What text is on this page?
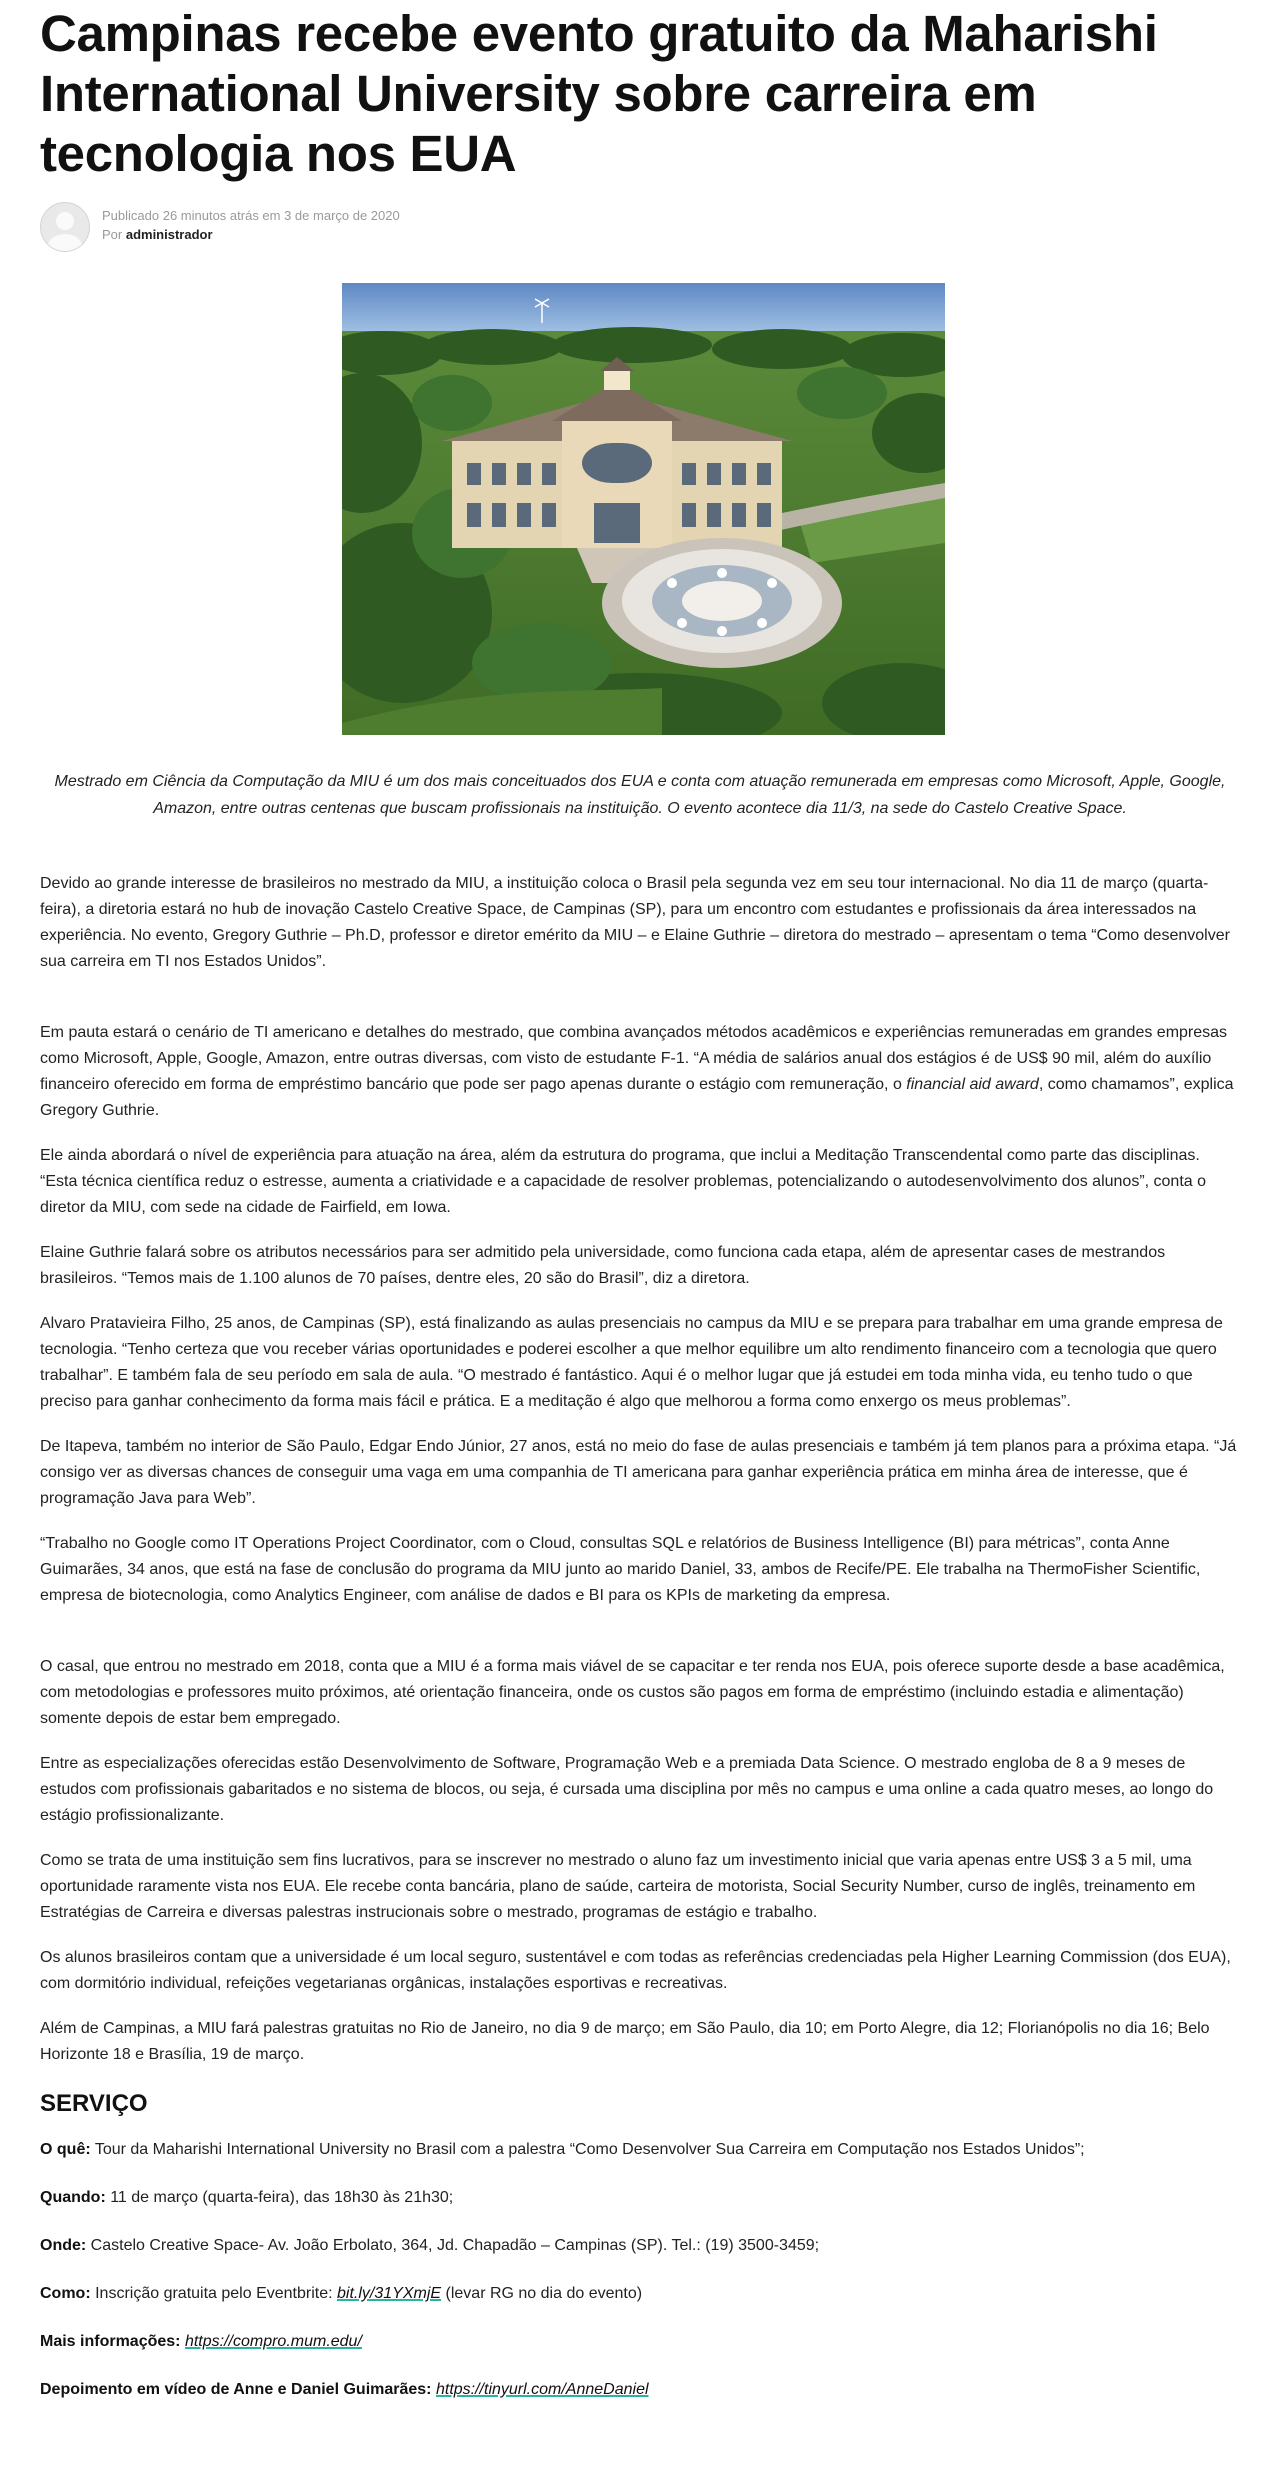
Campinas recebe evento gratuito da Maharishi International University sobre carreira em tecnologia nos EUA
Publicado 26 minutos atrás em 3 de março de 2020
Por administrador
Mestrado em Ciência da Computação da MIU é um dos mais conceituados dos EUA e conta com atuação remunerada em empresas como Microsoft, Apple, Google, Amazon, entre outras centenas que buscam profissionais na instituição. O evento acontece dia 11/3, na sede do Castelo Creative Space.

Devido ao grande interesse de brasileiros no mestrado da MIU, a instituição coloca o Brasil pela segunda vez em seu tour internacional. No dia 11 de março (quarta-feira), a diretoria estará no hub de inovação Castelo Creative Space, de Campinas (SP), para um encontro com estudantes e profissionais da área interessados na experiência. No evento, Gregory Guthrie – Ph.D, professor e diretor emérito da MIU – e Elaine Guthrie – diretora do mestrado – apresentam o tema “Como desenvolver sua carreira em TI nos Estados Unidos”.

Em pauta estará o cenário de TI americano e detalhes do mestrado, que combina avançados métodos acadêmicos e experiências remuneradas em grandes empresas como Microsoft, Apple, Google, Amazon, entre outras diversas, com visto de estudante F-1. “A média de salários anual dos estágios é de US$ 90 mil, além do auxílio financeiro oferecido em forma de empréstimo bancário que pode ser pago apenas durante o estágio com remuneração, o financial aid award, como chamamos”, explica Gregory Guthrie.

Ele ainda abordará o nível de experiência para atuação na área, além da estrutura do programa, que inclui a Meditação Transcendental como parte das disciplinas. “Esta técnica científica reduz o estresse, aumenta a criatividade e a capacidade de resolver problemas, potencializando o autodesenvolvimento dos alunos”, conta o diretor da MIU, com sede na cidade de Fairfield, em Iowa.

Elaine Guthrie falará sobre os atributos necessários para ser admitido pela universidade, como funciona cada etapa, além de apresentar cases de mestrandos brasileiros. “Temos mais de 1.100 alunos de 70 países, dentre eles, 20 são do Brasil”, diz a diretora.

Alvaro Pratavieira Filho, 25 anos, de Campinas (SP), está finalizando as aulas presenciais no campus da MIU e se prepara para trabalhar em uma grande empresa de tecnologia. “Tenho certeza que vou receber várias oportunidades e poderei escolher a que melhor equilibre um alto rendimento financeiro com a tecnologia que quero trabalhar”. E também fala de seu período em sala de aula. “O mestrado é fantástico. Aqui é o melhor lugar que já estudei em toda minha vida, eu tenho tudo o que preciso para ganhar conhecimento da forma mais fácil e prática. E a meditação é algo que melhorou a forma como enxergo os meus problemas”.

De Itapeva, também no interior de São Paulo, Edgar Endo Júnior, 27 anos, está no meio do fase de aulas presenciais e também já tem planos para a próxima etapa. “Já consigo ver as diversas chances de conseguir uma vaga em uma companhia de TI americana para ganhar experiência prática em minha área de interesse, que é programação Java para Web”.

“Trabalho no Google como IT Operations Project Coordinator, com o Cloud, consultas SQL e relatórios de Business Intelligence (BI) para métricas”, conta Anne Guimarães, 34 anos, que está na fase de conclusão do programa da MIU junto ao marido Daniel, 33, ambos de Recife/PE. Ele trabalha na ThermoFisher Scientific, empresa de biotecnologia, como Analytics Engineer, com análise de dados e BI para os KPIs de marketing da empresa.

O casal, que entrou no mestrado em 2018, conta que a MIU é a forma mais viável de se capacitar e ter renda nos EUA, pois oferece suporte desde a base acadêmica, com metodologias e professores muito próximos, até orientação financeira, onde os custos são pagos em forma de empréstimo (incluindo estadia e alimentação) somente depois de estar bem empregado.

Entre as especializações oferecidas estão Desenvolvimento de Software, Programação Web e a premiada Data Science. O mestrado engloba de 8 a 9 meses de estudos com profissionais gabaritados e no sistema de blocos, ou seja, é cursada uma disciplina por mês no campus e uma online a cada quatro meses, ao longo do estágio profissionalizante.

Como se trata de uma instituição sem fins lucrativos, para se inscrever no mestrado o aluno faz um investimento inicial que varia apenas entre US$ 3 a 5 mil, uma oportunidade raramente vista nos EUA. Ele recebe conta bancária, plano de saúde, carteira de motorista, Social Security Number, curso de inglês, treinamento em Estratégias de Carreira e diversas palestras instrucionais sobre o mestrado, programas de estágio e trabalho.

Os alunos brasileiros contam que a universidade é um local seguro, sustentável e com todas as referências credenciadas pela Higher Learning Commission (dos EUA), com dormitório individual, refeições vegetarianas orgânicas, instalações esportivas e recreativas.

Além de Campinas, a MIU fará palestras gratuitas no Rio de Janeiro, no dia 9 de março; em São Paulo, dia 10; em Porto Alegre, dia 12; Florianópolis no dia 16; Belo Horizonte 18 e Brasília, 19 de março.

SERVIÇO

O quê: Tour da Maharishi International University no Brasil com a palestra “Como Desenvolver Sua Carreira em Computação nos Estados Unidos”;

Quando: 11 de março (quarta-feira), das 18h30 às 21h30;

Onde: Castelo Creative Space- Av. João Erbolato, 364, Jd. Chapadão – Campinas (SP). Tel.: (19) 3500-3459;

Como: Inscrição gratuita pelo Eventbrite: bit.ly/31YXmjE (levar RG no dia do evento)

Mais informações: https://compro.mum.edu/

Depoimento em vídeo de Anne e Daniel Guimarães: https://tinyurl.com/AnneDaniel
